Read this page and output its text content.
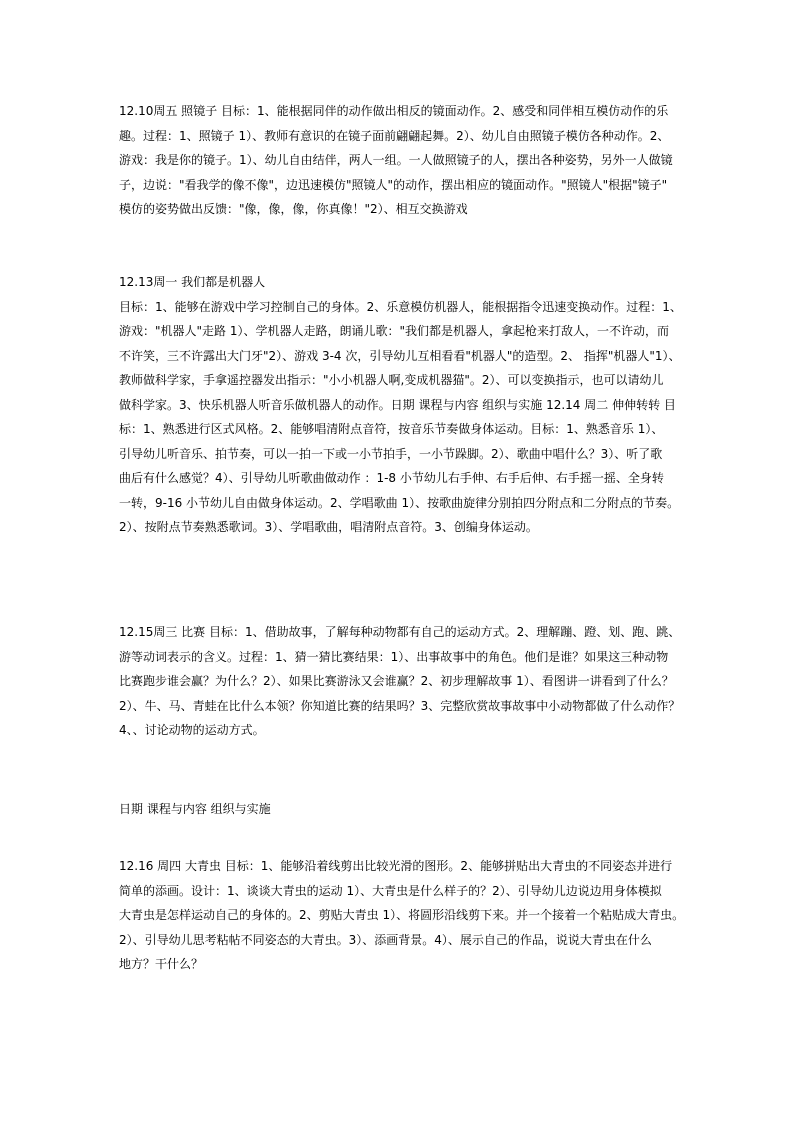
12.10周五 照镜子 目标：1、能根据同伴的动作做出相反的镜面动作。2、感受和同伴相互模仿动作的乐
趣。过程：1、照镜子 1）、教师有意识的在镜子面前翩翩起舞。2）、幼儿自由照镜子模仿各种动作。2、
游戏：我是你的镜子。1）、幼儿自由结伴，两人一组。一人做照镜子的人，摆出各种姿势，另外一人做镜
子，边说："看我学的像不像"，边迅速模仿"照镜人"的动作，摆出相应的镜面动作。"照镜人"根据"镜子"
模仿的姿势做出反馈："像，像，像，你真像！"2）、相互交换游戏
12.13周一 我们都是机器人
目标：1、能够在游戏中学习控制自己的身体。2、乐意模仿机器人，能根据指令迅速变换动作。过程：1、
游戏："机器人"走路 1）、学机器人走路，朗诵儿歌："我们都是机器人，拿起枪来打敌人，一不许动，而
不许笑，三不许露出大门牙"2）、游戏 3-4 次，引导幼儿互相看看"机器人"的造型。2、 指挥"机器人"1）、
教师做科学家，手拿遥控器发出指示："小小机器人啊,变成机器猫"。2）、可以变换指示，也可以请幼儿
做科学家。3、快乐机器人听音乐做机器人的动作。日期 课程与内容 组织与实施 12.14 周二 伸伸转转 目
标：1、熟悉进行区式风格。2、能够唱清附点音符，按音乐节奏做身体运动。目标：1、熟悉音乐 1）、
引导幼儿听音乐、拍节奏，可以一拍一下或一小节拍手，一小节跺脚。2）、歌曲中唱什么？3）、听了歌
曲后有什么感觉？4）、引导幼儿听歌曲做动作 ：1-8 小节幼儿右手伸、右手后伸、右手摇一摇、全身转
一转，9-16 小节幼儿自由做身体运动。2、学唱歌曲 1）、按歌曲旋律分别拍四分附点和二分附点的节奏。
2）、按附点节奏熟悉歌词。3）、学唱歌曲，唱清附点音符。3、创编身体运动。
12.15周三 比赛 目标：1、借助故事，了解每种动物都有自己的运动方式。2、理解蹦、蹬、划、跑、跳、
游等动词表示的含义。过程：1、猜一猜比赛结果：1）、出事故事中的角色。他们是谁？如果这三种动物
比赛跑步谁会赢？为什么？2）、如果比赛游泳又会谁赢？2、初步理解故事 1）、看图讲一讲看到了什么？
2）、牛、马、青蛙在比什么本领？你知道比赛的结果吗？3、完整欣赏故事故事中小动物都做了什么动作？
4、、讨论动物的运动方式。
日期 课程与内容 组织与实施
12.16 周四 大青虫 目标：1、能够沿着线剪出比较光滑的图形。2、能够拼贴出大青虫的不同姿态并进行
简单的添画。设计：1、谈谈大青虫的运动 1）、大青虫是什么样子的？2）、引导幼儿边说边用身体模拟
大青虫是怎样运动自己的身体的。2、剪贴大青虫 1）、将圆形沿线剪下来。并一个接着一个粘贴成大青虫。
2）、引导幼儿思考粘帖不同姿态的大青虫。3）、添画背景。4）、展示自己的作品，说说大青虫在什么
地方？干什么？
